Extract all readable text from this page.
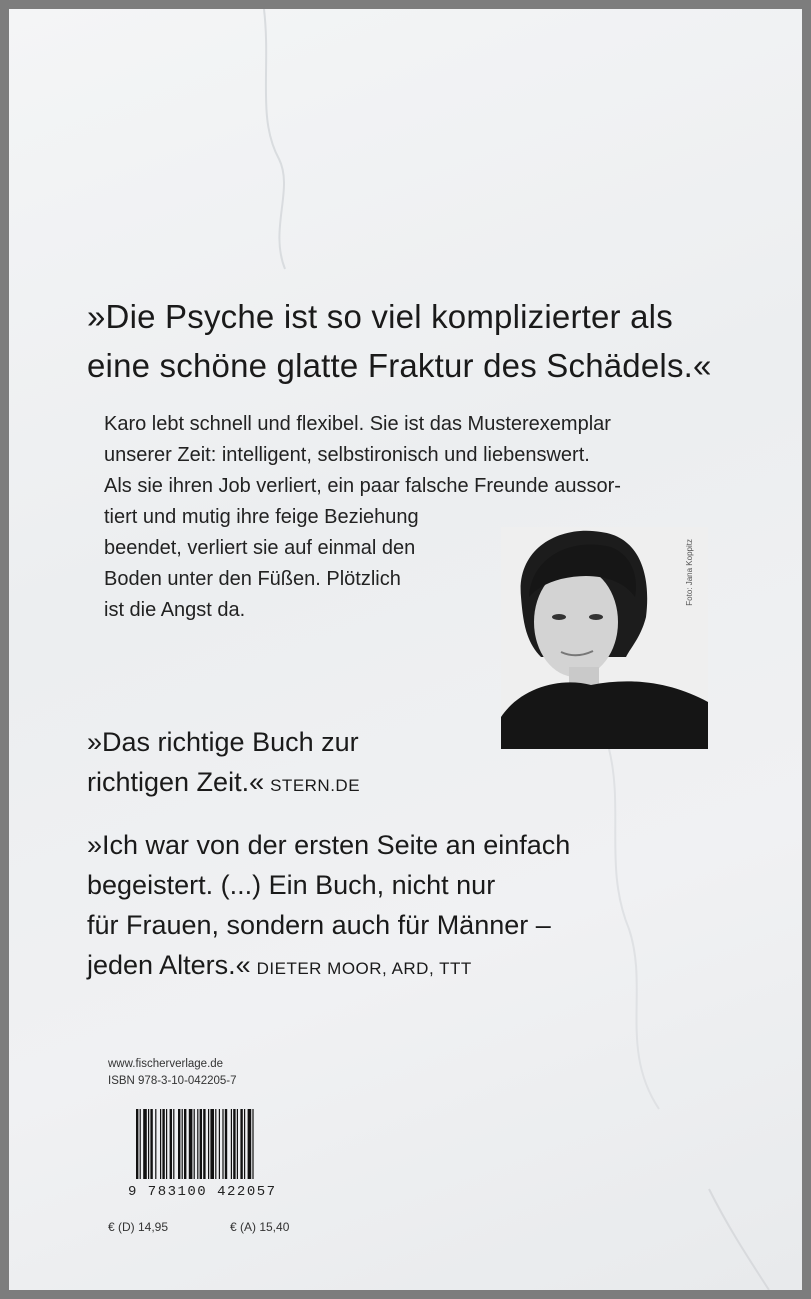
»Die Psyche ist so viel komplizierter als
eine schöne glatte Fraktur des Schädels.«
Karo lebt schnell und flexibel. Sie ist das Musterexemplar
unserer Zeit: intelligent, selbstironisch und liebenswert.
Als sie ihren Job verliert, ein paar falsche Freunde aussor-
tiert und mutig ihre feige Beziehung
beendet, verliert sie auf einmal den
Boden unter den Füßen. Plötzlich
ist die Angst da.
Foto: Jana Koppitz
»Das richtige Buch zur
richtigen Zeit.« STERN.DE
»Ich war von der ersten Seite an einfach
begeistert. (...) Ein Buch, nicht nur
für Frauen, sondern auch für Männer –
jeden Alters.« DIETER MOOR, ARD, TTT
www.fischerverlage.de
ISBN 978-3-10-042205-7
9 783100 422057
€ (D) 14,95	€ (A) 15,40
